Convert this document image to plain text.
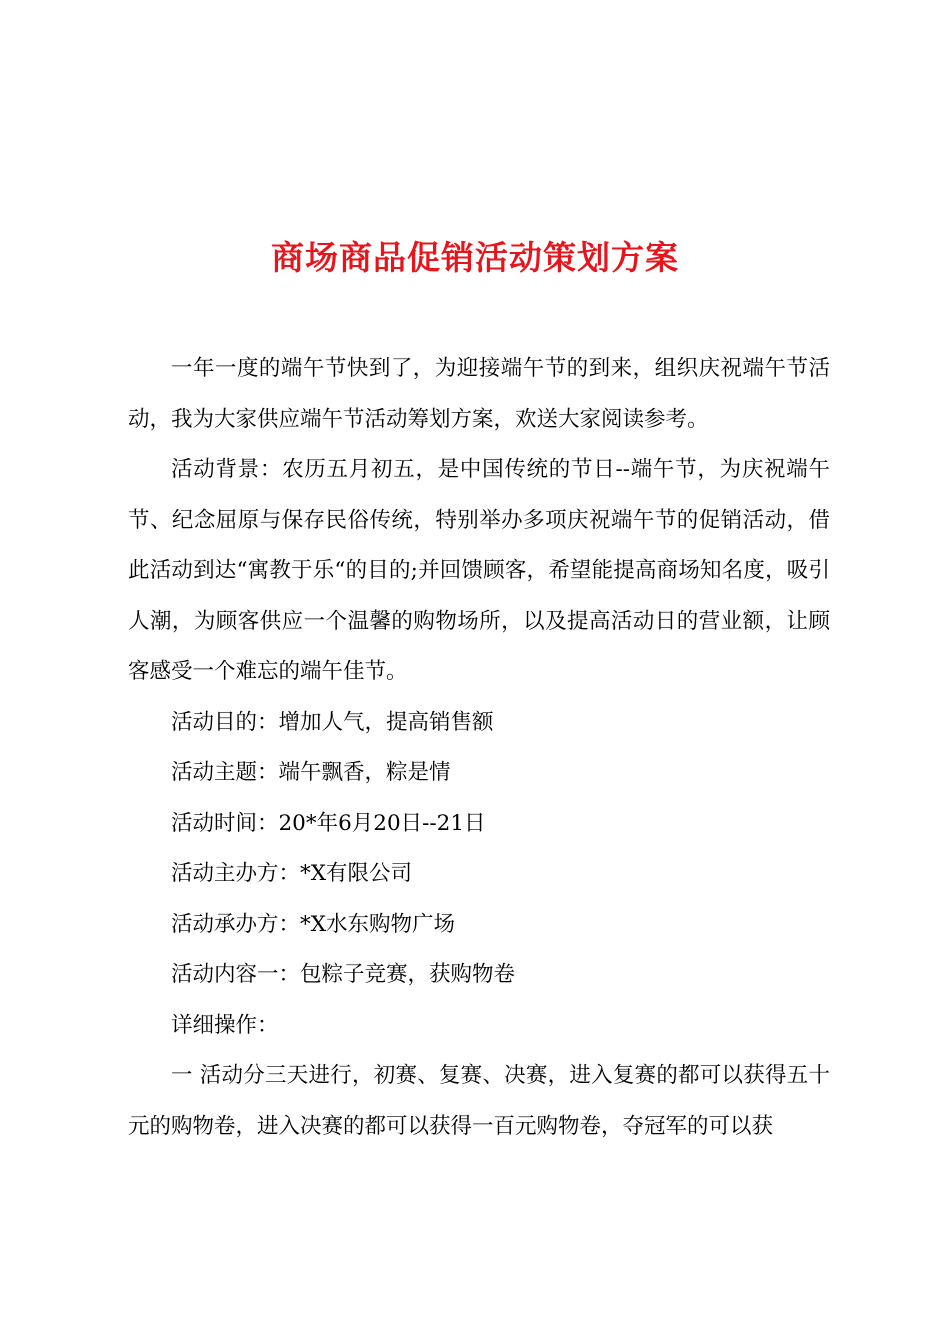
商场商品促销活动策划方案

一年一度的端午节快到了，为迎接端午节的到来，组织庆祝端午节活动，我为大家供应端午节活动筹划方案，欢送大家阅读参考。

活动背景：农历五月初五，是中国传统的节日--端午节，为庆祝端午节、纪念屈原与保存民俗传统，特别举办多项庆祝端午节的促销活动，借此活动到达“寓教于乐“的目的;并回馈顾客，希望能提高商场知名度，吸引人潮，为顾客供应一个温馨的购物场所，以及提高活动日的营业额，让顾客感受一个难忘的端午佳节。

活动目的：增加人气，提高销售额

活动主题：端午飘香，粽是情

活动时间：20*年6月20日--21日

活动主办方：*X有限公司

活动承办方：*X水东购物广场

活动内容一：包粽子竞赛，获购物卷

详细操作：

一 活动分三天进行，初赛、复赛、决赛，进入复赛的都可以获得五十元的购物卷，进入决赛的都可以获得一百元购物卷，夺冠军的可以获
